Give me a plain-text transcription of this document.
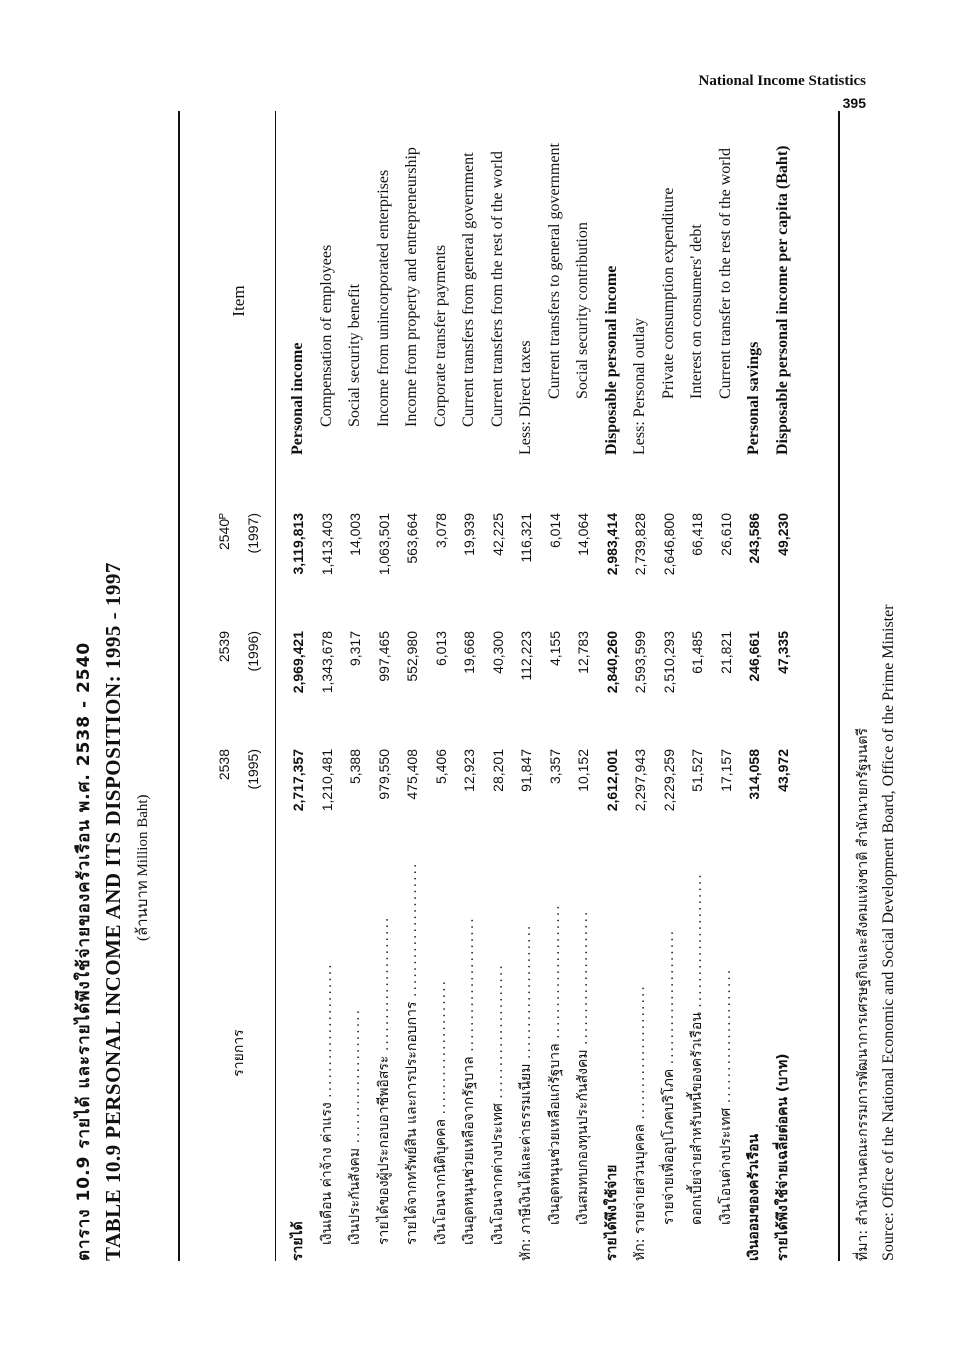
National Income Statistics
395
ตาราง 10.9 รายได้ และรายได้พึงใช้จ่ายของครัวเรือน พ.ศ. 2538 - 2540 TABLE 10.9 PERSONAL INCOME AND ITS DISPOSITION: 1995 - 1997 (ล้านบาท Million Baht)
รายการ	2538	2539	2540ᴾ	Item
	(1995)	(1996)	(1997)	

รายได้	2,717,357	2,969,421	3,119,813	Personal income
เงินเดือน ค่าจ้าง ค่าแรง .....................	1,210,481	1,343,678	1,413,403	Compensation of employees
เงินประกันสังคม .....................	5,388	9,317	14,003	Social security benefit
รายได้ของผู้ประกอบอาชีพอิสระ .....................	979,550	997,465	1,063,501	Income from unincorporated enterprises
รายได้จากทรัพย์สิน และการประกอบการ .....................	475,408	552,980	563,664	Income from property and entrepreneurship
เงินโอนจากนิติบุคคล .....................	5,406	6,013	3,078	Corporate transfer payments
เงินอุดหนุนช่วยเหลือจากรัฐบาล .....................	12,923	19,668	19,939	Current transfers from general government
เงินโอนจากต่างประเทศ .....................	28,201	40,300	42,225	Current transfers from the rest of the world
หัก: ภาษีเงินได้และค่าธรรมเนียม .....................	91,847	112,223	116,321	Less: Direct taxes
เงินอุดหนุนช่วยเหลือแก่รัฐบาล .....................	3,357	4,155	6,014	Current transfers to general government
เงินสมทบกองทุนประกันสังคม .....................	10,152	12,783	14,064	Social security contribution
รายได้พึงใช้จ่าย	2,612,001	2,840,260	2,983,414	Disposable personal income
หัก: รายจ่ายส่วนบุคคล .....................	2,297,943	2,593,599	2,739,828	Less: Personal outlay
รายจ่ายเพื่ออุปโภคบริโภค .....................	2,229,259	2,510,293	2,646,800	Private consumption expenditure
ดอกเบี้ยจ่ายสำหรับหนี้ของครัวเรือน .....................	51,527	61,485	66,418	Interest on consumers' debt
เงินโอนต่างประเทศ .....................	17,157	21,821	26,610	Current transfer to the rest of the world
เงินออมของครัวเรือน	314,058	246,661	243,586	Personal savings
รายได้พึงใช้จ่ายเฉลี่ยต่อคน (บาท)	43,972	47,335	49,230	Disposable personal income per capita (Baht)
ที่มา: สำนักงานคณะกรรมการพัฒนาการเศรษฐกิจและสังคมแห่งชาติ สำนักนายกรัฐมนตรี Source: Office of the National Economic and Social Development Board, Office of the Prime Minister
